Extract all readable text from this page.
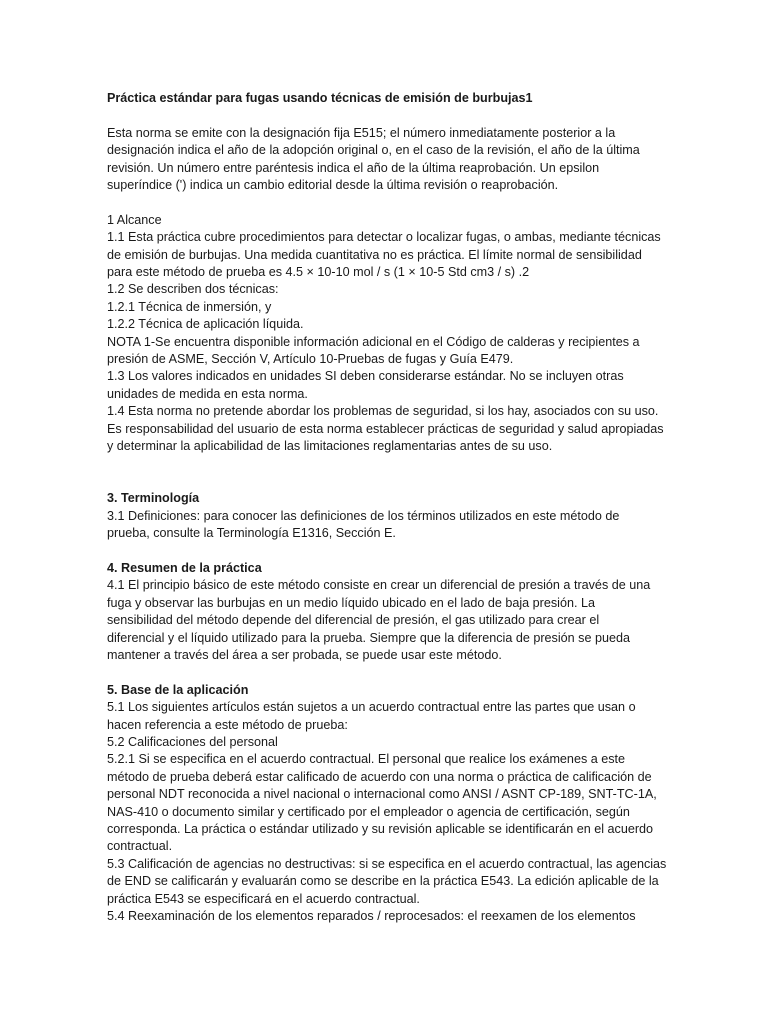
Práctica estándar para fugas usando técnicas de emisión de burbujas1

Esta norma se emite con la designación fija E515; el número inmediatamente posterior a la
designación indica el año de la adopción original o, en el caso de la revisión, el año de la última
revisión. Un número entre paréntesis indica el año de la última reaprobación. Un epsilon
superíndice (') indica un cambio editorial desde la última revisión o reaprobación.

1 Alcance

1.1 Esta práctica cubre procedimientos para detectar o localizar fugas, o ambas, mediante técnicas
de emisión de burbujas. Una medida cuantitativa no es práctica. El límite normal de sensibilidad
para este método de prueba es 4.5 × 10-10 mol / s (1 × 10-5 Std cm3 / s) .2

1.2 Se describen dos técnicas:

1.2.1 Técnica de inmersión, y

1.2.2 Técnica de aplicación líquida.

NOTA 1-Se encuentra disponible información adicional en el Código de calderas y recipientes a
presión de ASME, Sección V, Artículo 10-Pruebas de fugas y Guía E479.

1.3 Los valores indicados en unidades SI deben considerarse estándar. No se incluyen otras
unidades de medida en esta norma.

1.4 Esta norma no pretende abordar los problemas de seguridad, si los hay, asociados con su uso.
Es responsabilidad del usuario de esta norma establecer prácticas de seguridad y salud apropiadas
y determinar la aplicabilidad de las limitaciones reglamentarias antes de su uso.

3. Terminología

3.1 Definiciones: para conocer las definiciones de los términos utilizados en este método de
prueba, consulte la Terminología E1316, Sección E.

4. Resumen de la práctica

4.1 El principio básico de este método consiste en crear un diferencial de presión a través de una
fuga y observar las burbujas en un medio líquido ubicado en el lado de baja presión. La
sensibilidad del método depende del diferencial de presión, el gas utilizado para crear el
diferencial y el líquido utilizado para la prueba. Siempre que la diferencia de presión se pueda
mantener a través del área a ser probada, se puede usar este método.

5. Base de la aplicación

5.1 Los siguientes artículos están sujetos a un acuerdo contractual entre las partes que usan o
hacen referencia a este método de prueba:

5.2 Calificaciones del personal

5.2.1 Si se especifica en el acuerdo contractual. El personal que realice los exámenes a este
método de prueba deberá estar calificado de acuerdo con una norma o práctica de calificación de
personal NDT reconocida a nivel nacional o internacional como ANSI / ASNT CP-189, SNT-TC-1A,
NAS-410 o documento similar y certificado por el empleador o agencia de certificación, según
corresponda. La práctica o estándar utilizado y su revisión aplicable se identificarán en el acuerdo
contractual.

5.3 Calificación de agencias no destructivas: si se especifica en el acuerdo contractual, las agencias
de END se calificarán y evaluarán como se describe en la práctica E543. La edición aplicable de la
práctica E543 se especificará en el acuerdo contractual.

5.4 Reexaminación de los elementos reparados / reprocesados: el reexamen de los elementos
